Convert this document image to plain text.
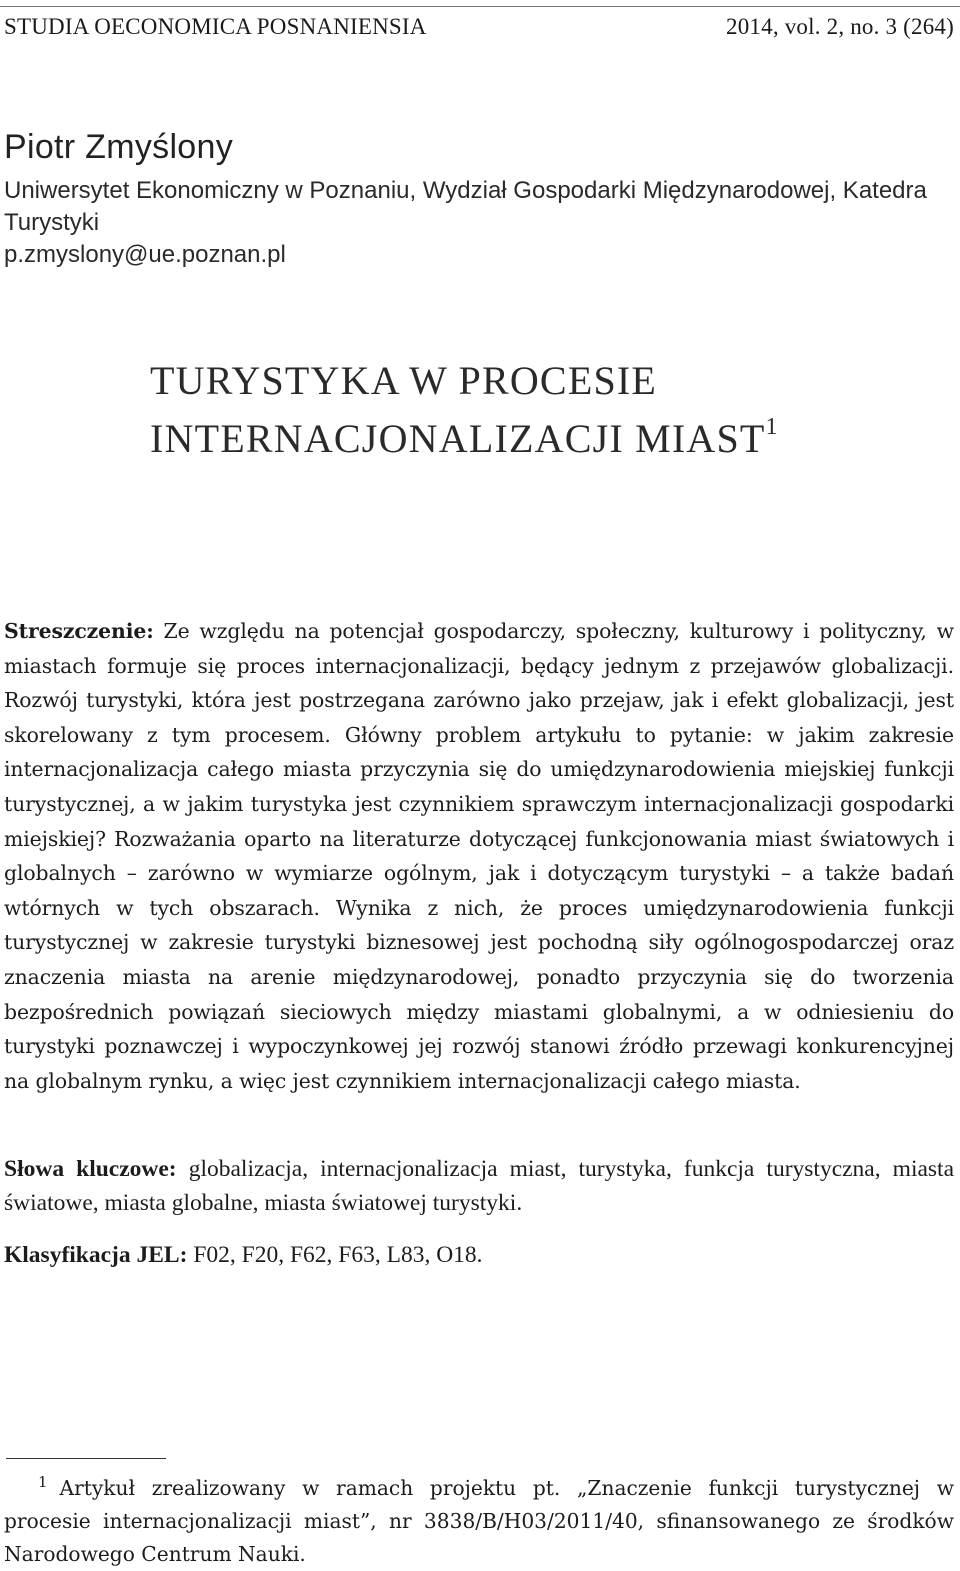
STUDIA OECONOMICA POSNANIENSIA	2014, vol. 2, no. 3 (264)
Piotr Zmyślony

Uniwersytet Ekonomiczny w Poznaniu, Wydział Gospodarki Międzynarodowej, Katedra Turystyki

p.zmyslony@ue.poznan.pl

TURYSTYKA W PROCESIE
INTERNACJONALIZACJI MIAST$^1$

Streszczenie: Ze względu na potencjał gospodarczy, społeczny, kulturowy i polityczny, w miastach formuje się proces internacjonalizacji, będący jednym z przejawów globalizacji. Rozwój turystyki, która jest postrzegana zarówno jako przejaw, jak i efekt globalizacji, jest skorelowany z tym procesem. Główny problem artykułu to pytanie: w jakim zakresie internacjonalizacja całego miasta przyczynia się do umiędzynarodowienia miejskiej funkcji turystycznej, a w jakim turystyka jest czynnikiem sprawczym internacjonalizacji gospodarki miejskiej? Rozważania oparto na literaturze dotyczącej funkcjonowania miast światowych i globalnych – zarówno w wymiarze ogólnym, jak i dotyczącym turystyki – a także badań wtórnych w tych obszarach. Wynika z nich, że proces umiędzynarodowienia funkcji turystycznej w zakresie turystyki biznesowej jest pochodną siły ogólnogospodarczej oraz znaczenia miasta na arenie międzynarodowej, ponadto przyczynia się do tworzenia bezpośrednich powiązań sieciowych między miastami globalnymi, a w odniesieniu do turystyki poznawczej i wypoczynkowej jej rozwój stanowi źródło przewagi konkurencyjnej na globalnym rynku, a więc jest czynnikiem internacjonalizacji całego miasta.

Słowa kluczowe: globalizacja, internacjonalizacja miast, turystyka, funkcja turystyczna, miasta światowe, miasta globalne, miasta światowej turystyki.

Klasyfikacja JEL: F02, F20, F62, F63, L83, O18.

$^1$ Artykuł zrealizowany w ramach projektu pt. „Znaczenie funkcji turystycznej w procesie internacjonalizacji miast”, nr 3838/B/H03/2011/40, sfinansowanego ze środków Narodowego Centrum Nauki.
